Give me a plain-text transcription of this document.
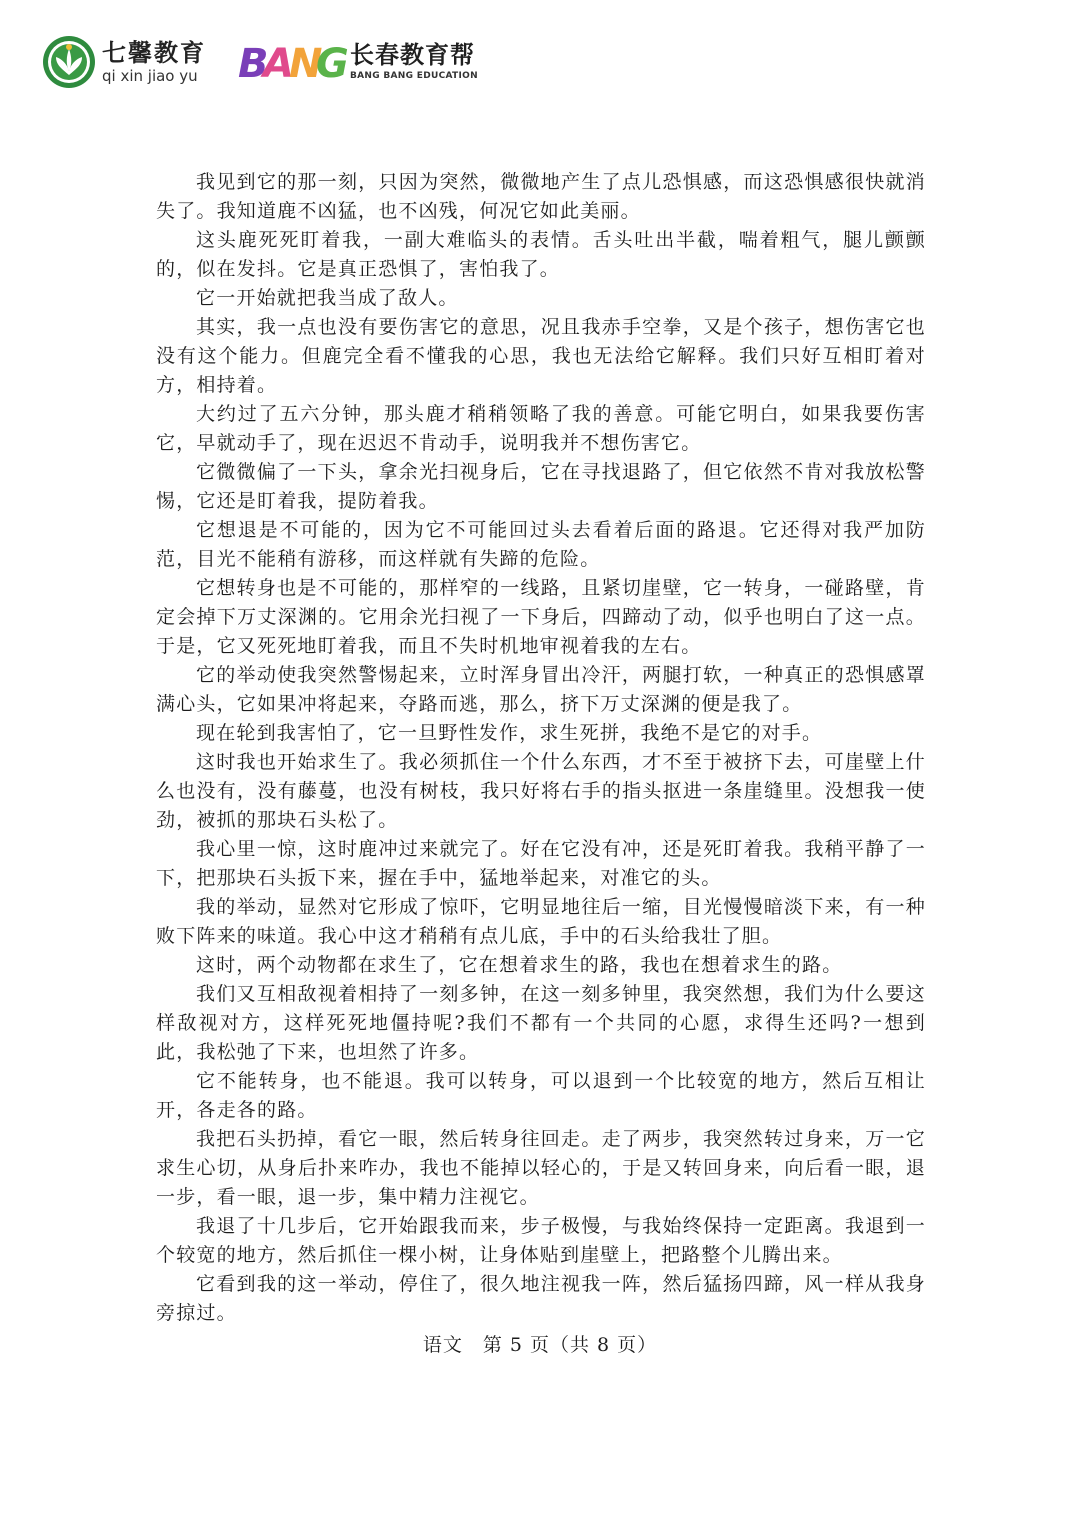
七馨教育
qi xin jiao yu B
A
N
G 长春教育帮
BANG BANG EDUCATION

我见到它的那一刻，只因为突然，微微地产生了点儿恐惧感，而这恐惧感很快就消失了。我知道鹿不凶猛，也不凶残，何况它如此美丽。

这头鹿死死盯着我，一副大难临头的表情。舌头吐出半截，喘着粗气，腿儿颤颤的，似在发抖。它是真正恐惧了，害怕我了。

它一开始就把我当成了敌人。

其实，我一点也没有要伤害它的意思，况且我赤手空拳，又是个孩子，想伤害它也没有这个能力。但鹿完全看不懂我的心思，我也无法给它解释。我们只好互相盯着对方，相持着。

大约过了五六分钟，那头鹿才稍稍领略了我的善意。可能它明白，如果我要伤害它，早就动手了，现在迟迟不肯动手，说明我并不想伤害它。

它微微偏了一下头，拿余光扫视身后，它在寻找退路了，但它依然不肯对我放松警惕，它还是盯着我，提防着我。

它想退是不可能的，因为它不可能回过头去看着后面的路退。它还得对我严加防范，目光不能稍有游移，而这样就有失蹄的危险。

它想转身也是不可能的，那样窄的一线路，且紧切崖壁，它一转身，一碰路壁，肯定会掉下万丈深渊的。它用余光扫视了一下身后，四蹄动了动，似乎也明白了这一点。于是，它又死死地盯着我，而且不失时机地审视着我的左右。

它的举动使我突然警惕起来，立时浑身冒出冷汗，两腿打软，一种真正的恐惧感罩满心头，它如果冲将起来，夺路而逃，那么，挤下万丈深渊的便是我了。

现在轮到我害怕了，它一旦野性发作，求生死拼，我绝不是它的对手。

这时我也开始求生了。我必须抓住一个什么东西，才不至于被挤下去，可崖壁上什么也没有，没有藤蔓，也没有树枝，我只好将右手的指头抠进一条崖缝里。没想我一使劲，被抓的那块石头松了。

我心里一惊，这时鹿冲过来就完了。好在它没有冲，还是死盯着我。我稍平静了一下，把那块石头扳下来，握在手中，猛地举起来，对准它的头。

我的举动，显然对它形成了惊吓，它明显地往后一缩，目光慢慢暗淡下来，有一种败下阵来的味道。我心中这才稍稍有点儿底，手中的石头给我壮了胆。

这时，两个动物都在求生了，它在想着求生的路，我也在想着求生的路。

我们又互相敌视着相持了一刻多钟，在这一刻多钟里，我突然想，我们为什么要这样敌视对方，这样死死地僵持呢?我们不都有一个共同的心愿，求得生还吗?一想到此，我松弛了下来，也坦然了许多。

它不能转身，也不能退。我可以转身，可以退到一个比较宽的地方，然后互相让开，各走各的路。

我把石头扔掉，看它一眼，然后转身往回走。走了两步，我突然转过身来，万一它求生心切，从身后扑来咋办，我也不能掉以轻心的，于是又转回身来，向后看一眼，退一步，看一眼，退一步，集中精力注视它。

我退了十几步后，它开始跟我而来，步子极慢，与我始终保持一定距离。我退到一个较宽的地方，然后抓住一棵小树，让身体贴到崖壁上，把路整个儿腾出来。

它看到我的这一举动，停住了，很久地注视我一阵，然后猛扬四蹄，风一样从我身旁掠过。

语文　第 5 页（共 8 页）
